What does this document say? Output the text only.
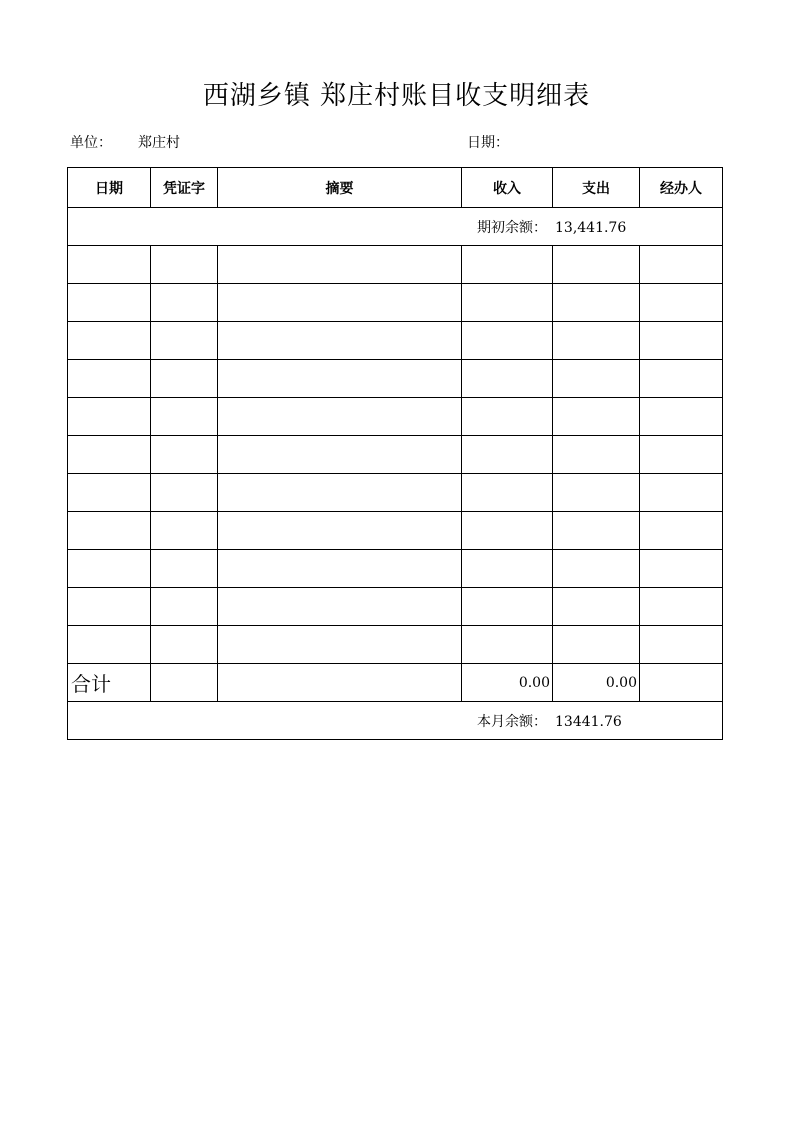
西湖乡镇 郑庄村账目收支明细表
单位： 郑庄村	日期：
日期	凭证字	摘要	收入	支出	经办人

期初余额： 13,441.76					

合计			0.00	0.00	

本月余额： 13441.76					
